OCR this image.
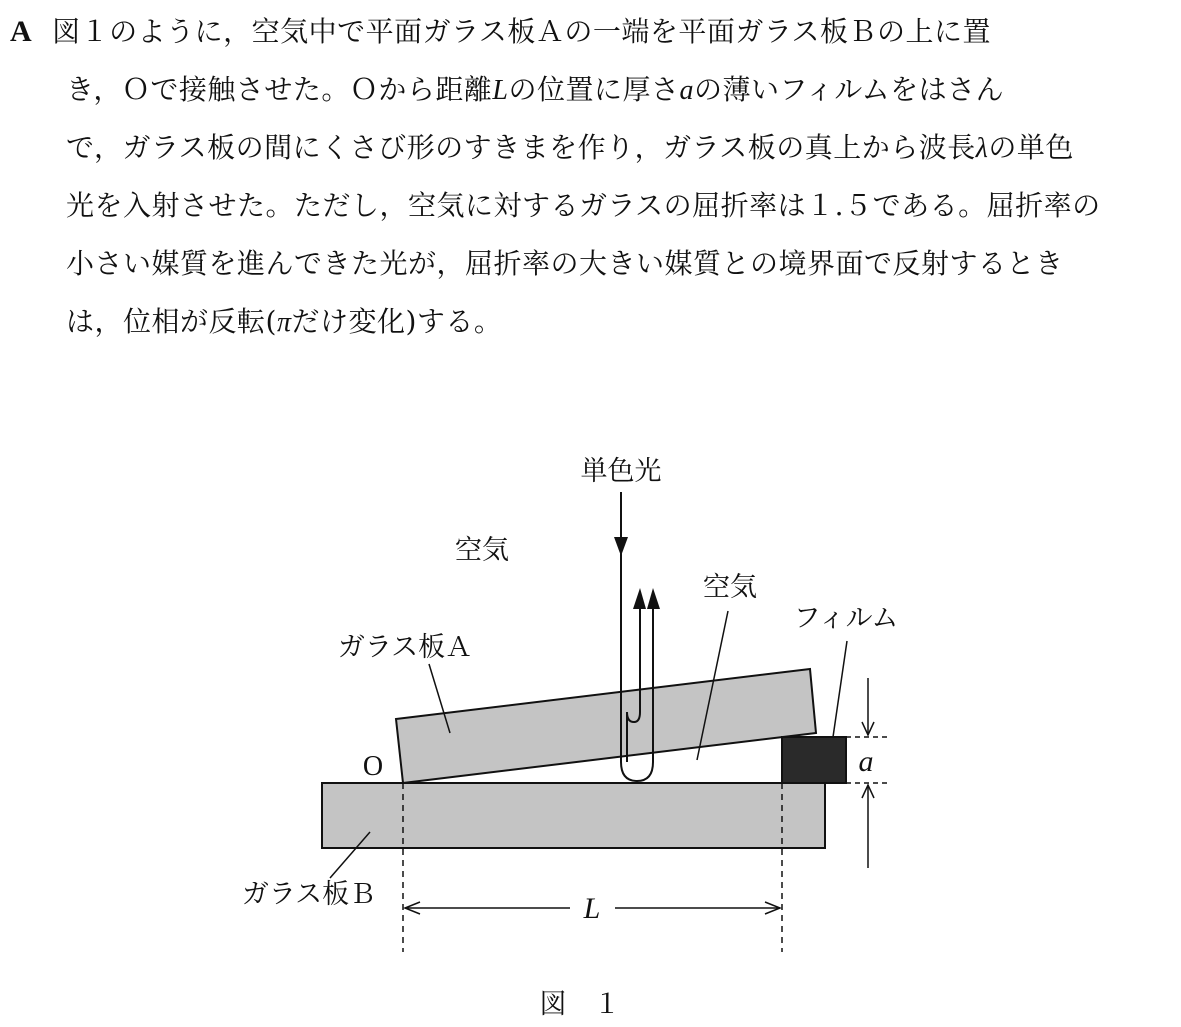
A 図１のように，空気中で平面ガラス板Ａの一端を平面ガラス板Ｂの上に置
き，Ｏで接触させた。Ｏから距離Lの位置に厚さaの薄いフィルムをはさん
で，ガラス板の間にくさび形のすきまを作り，ガラス板の真上から波長λの単色
光を入射させた。ただし，空気に対するガラスの屈折率は１.５である。屈折率の
小さい媒質を進んできた光が，屈折率の大きい媒質との境界面で反射するとき
は，位相が反転(πだけ変化)する。
単色光
空気
空気
フィルム
ガラス板Ａ
ガラス板Ｂ
O
L
a
図　１
